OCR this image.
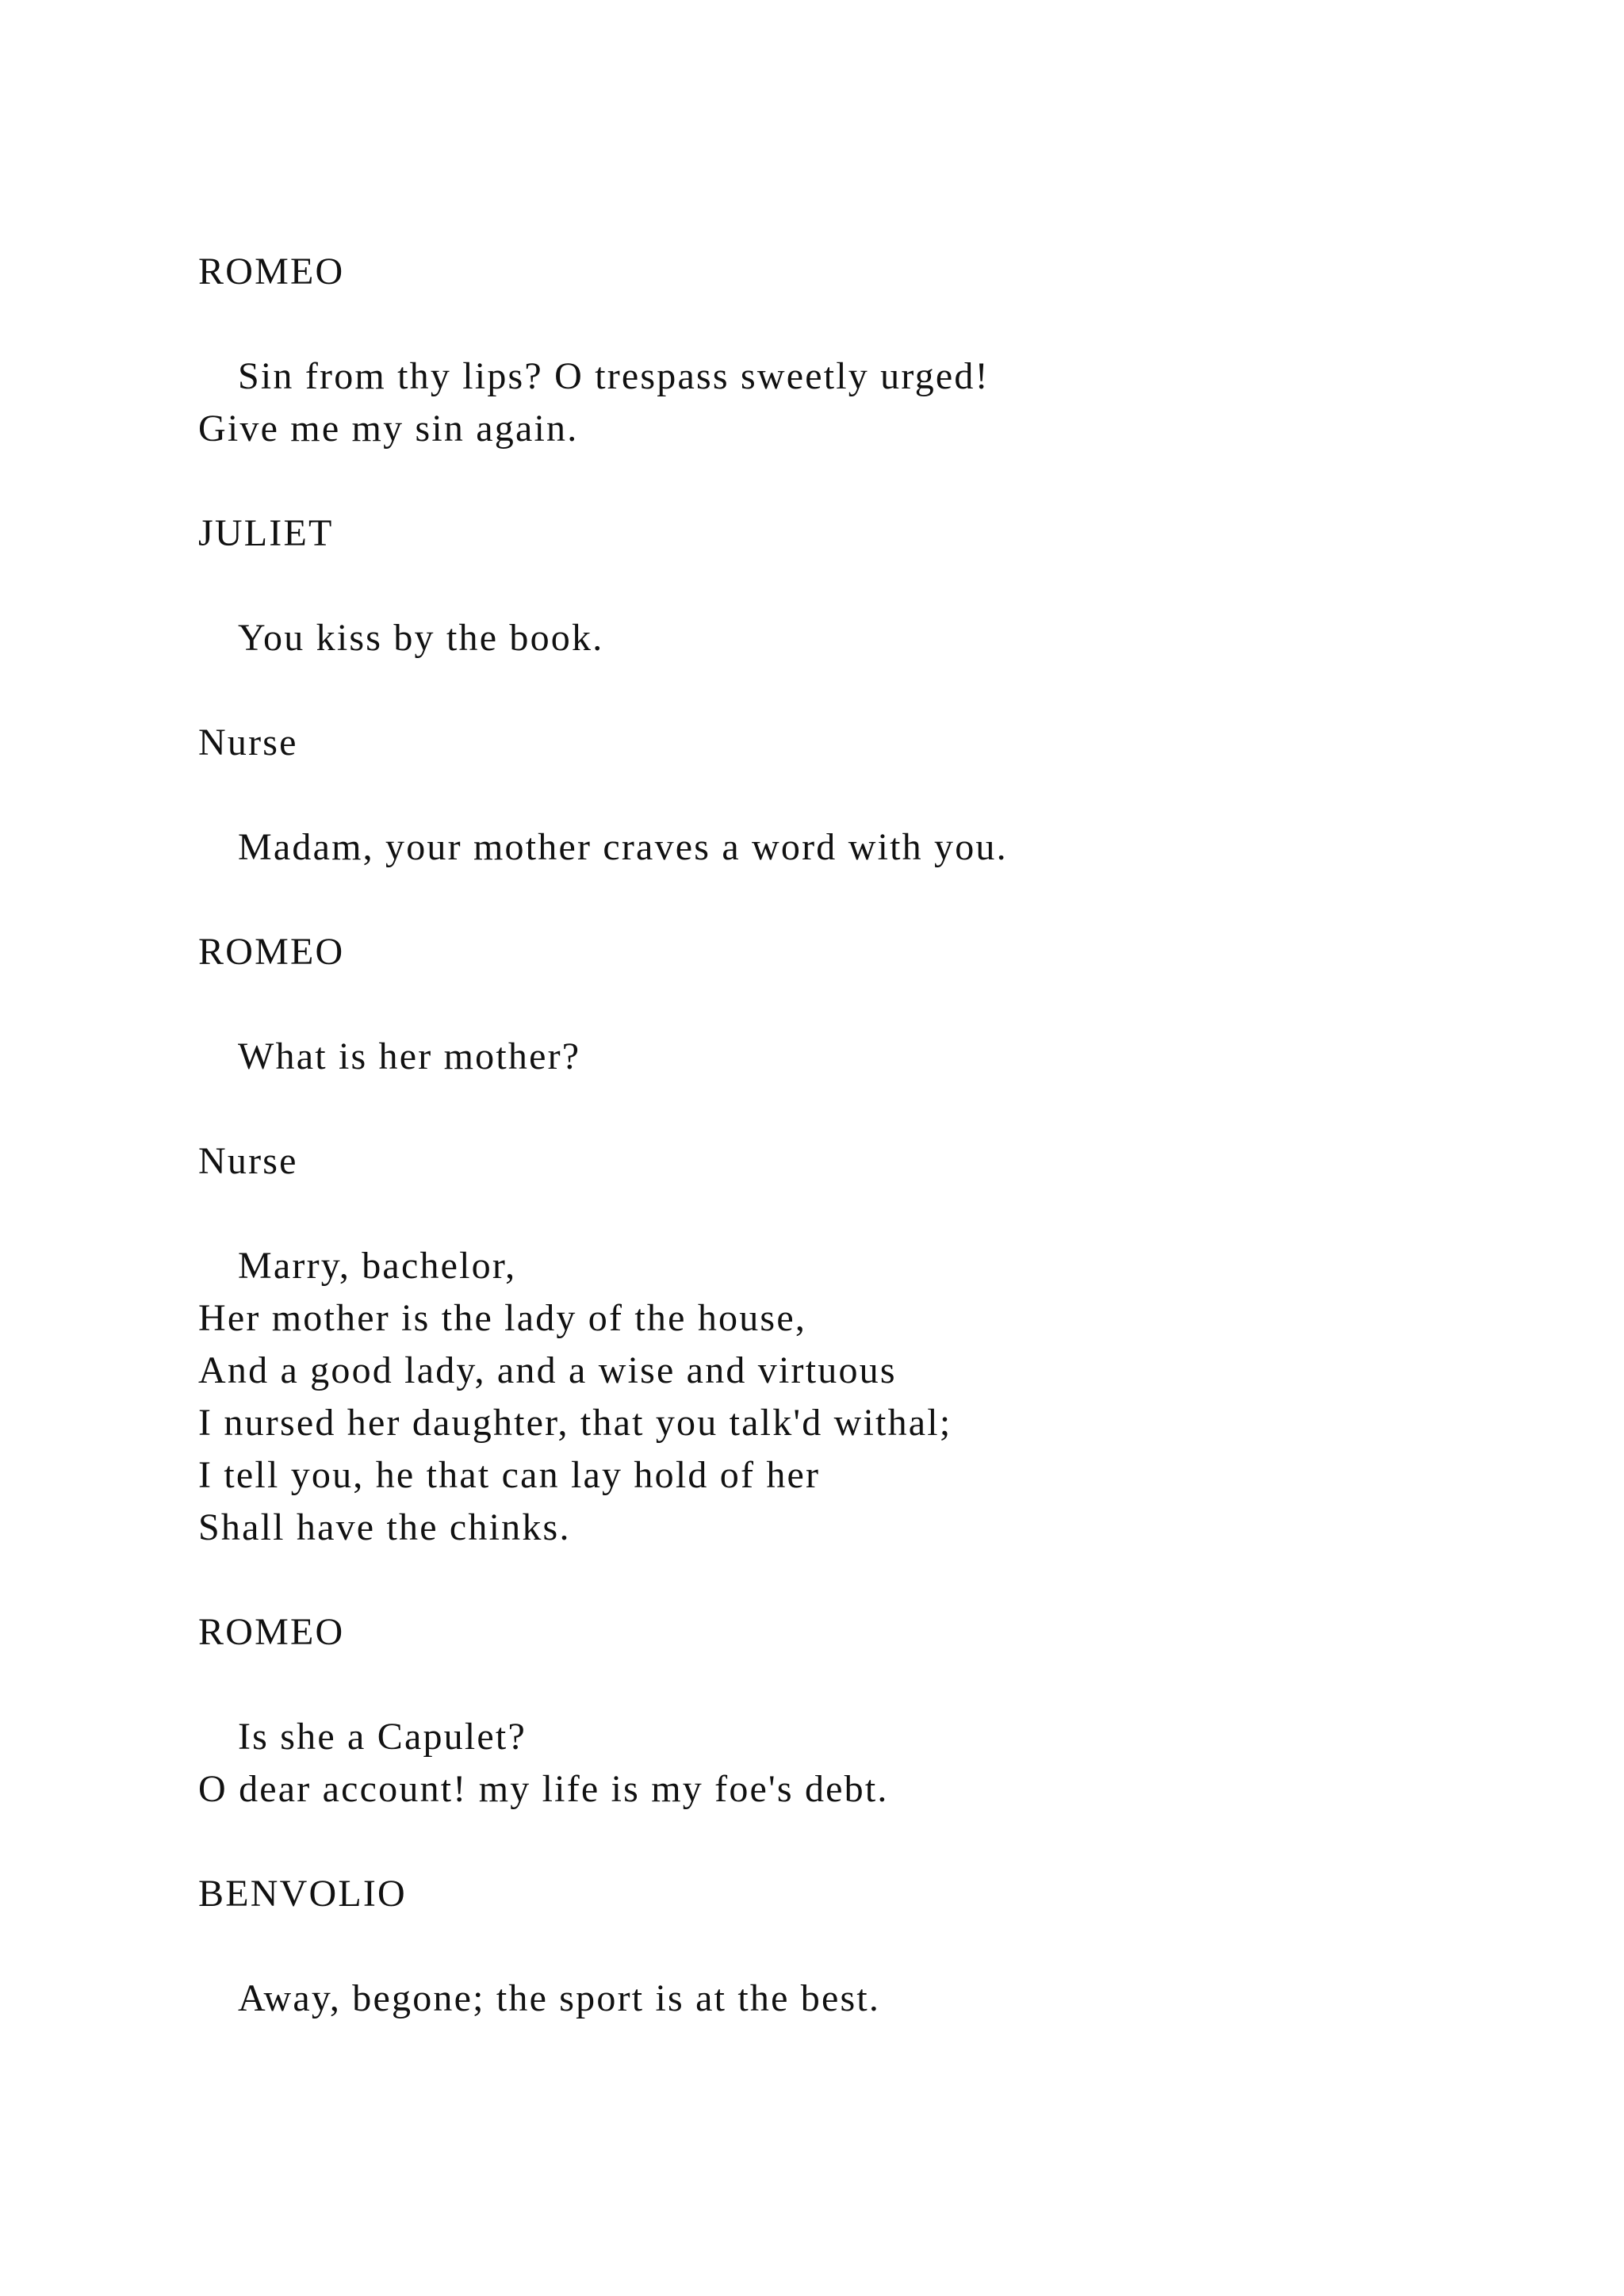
ROMEO

Sin from thy lips? O trespass sweetly urged!

Give me my sin again.

JULIET

You kiss by the book.

Nurse

Madam, your mother craves a word with you.

ROMEO

What is her mother?

Nurse

Marry, bachelor,

Her mother is the lady of the house,

And a good lady, and a wise and virtuous

I nursed her daughter, that you talk'd withal;

I tell you, he that can lay hold of her

Shall have the chinks.

ROMEO

Is she a Capulet?

O dear account! my life is my foe's debt.

BENVOLIO

Away, begone; the sport is at the best.
